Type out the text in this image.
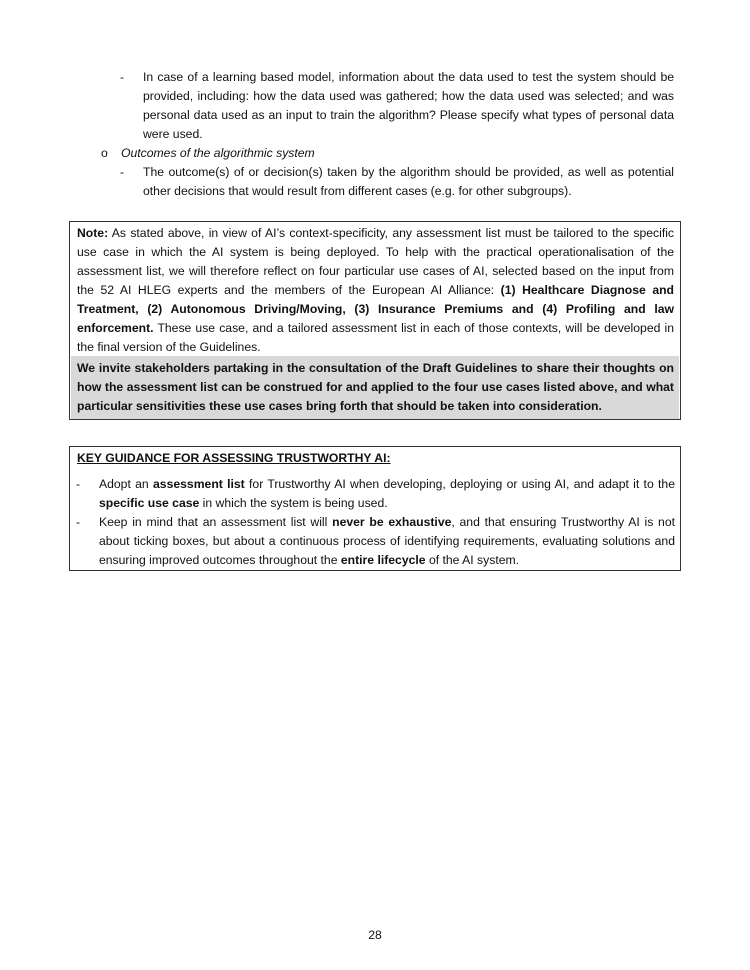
- In case of a learning based model, information about the data used to test the system should be provided, including: how the data used was gathered; how the data used was selected; and was personal data used as an input to train the algorithm? Please specify what types of personal data were used.
o Outcomes of the algorithmic system
- The outcome(s) of or decision(s) taken by the algorithm should be provided, as well as potential other decisions that would result from different cases (e.g. for other subgroups).
Note: As stated above, in view of AI’s context-specificity, any assessment list must be tailored to the specific use case in which the AI system is being deployed. To help with the practical operationalisation of the assessment list, we will therefore reflect on four particular use cases of AI, selected based on the input from the 52 AI HLEG experts and the members of the European AI Alliance: (1) Healthcare Diagnose and Treatment, (2) Autonomous Driving/Moving, (3) Insurance Premiums and (4) Profiling and law enforcement. These use case, and a tailored assessment list in each of those contexts, will be developed in the final version of the Guidelines.
We invite stakeholders partaking in the consultation of the Draft Guidelines to share their thoughts on how the assessment list can be construed for and applied to the four use cases listed above, and what particular sensitivities these use cases bring forth that should be taken into consideration.
KEY GUIDANCE FOR ASSESSING TRUSTWORTHY AI:
- Adopt an assessment list for Trustworthy AI when developing, deploying or using AI, and adapt it to the specific use case in which the system is being used.
- Keep in mind that an assessment list will never be exhaustive, and that ensuring Trustworthy AI is not about ticking boxes, but about a continuous process of identifying requirements, evaluating solutions and ensuring improved outcomes throughout the entire lifecycle of the AI system.
28
